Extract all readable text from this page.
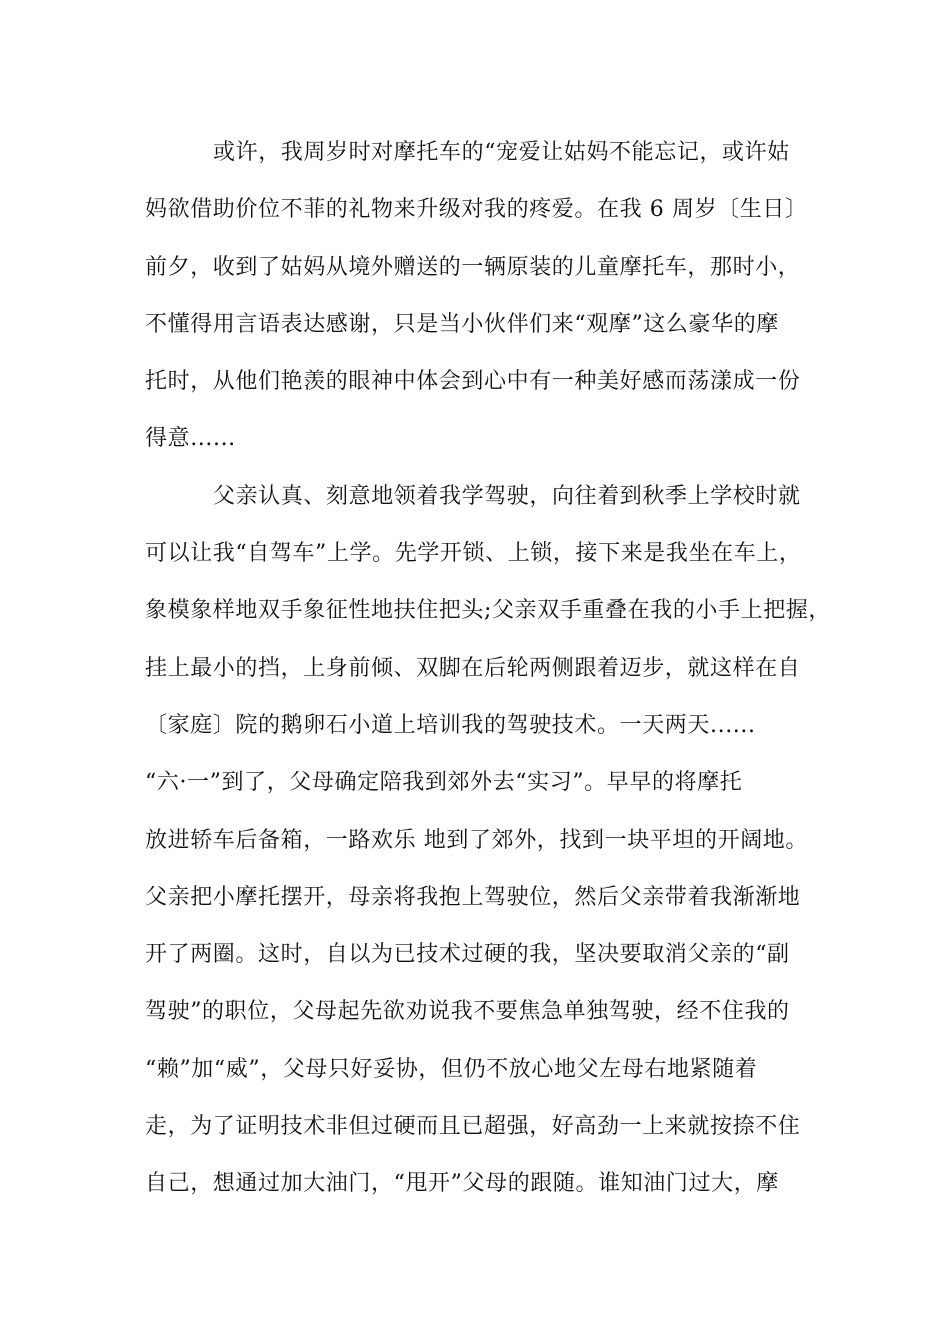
或许，我周岁时对摩托车的“宠爱让姑妈不能忘记，或许姑
妈欲借助价位不菲的礼物来升级对我的疼爱。在我 6 周岁〔生日〕
前夕，收到了姑妈从境外赠送的一辆原装的儿童摩托车，那时小，
不懂得用言语表达感谢，只是当小伙伴们来“观摩”这么豪华的摩
托时，从他们艳羡的眼神中体会到心中有一种美好感而荡漾成一份
得意......
父亲认真、刻意地领着我学驾驶，向往着到秋季上学校时就
可以让我“自驾车”上学。先学开锁、上锁，接下来是我坐在车上，
象模象样地双手象征性地扶住把头;父亲双手重叠在我的小手上把握，
挂上最小的挡，上身前倾、双脚在后轮两侧跟着迈步，就这样在自
〔家庭〕院的鹅卵石小道上培训我的驾驶技术。一天两天......
“六·一”到了，父母确定陪我到郊外去“实习”。早早的将摩托
放进轿车后备箱，一路欢乐 地到了郊外，找到一块平坦的开阔地。
父亲把小摩托摆开，母亲将我抱上驾驶位，然后父亲带着我渐渐地
开了两圈。这时，自以为已技术过硬的我，坚决要取消父亲的“副
驾驶”的职位，父母起先欲劝说我不要焦急单独驾驶，经不住我的
“赖”加“威”，父母只好妥协，但仍不放心地父左母右地紧随着
走，为了证明技术非但过硬而且已超强，好高劲一上来就按捺不住
自己，想通过加大油门，“甩开”父母的跟随。谁知油门过大，摩
